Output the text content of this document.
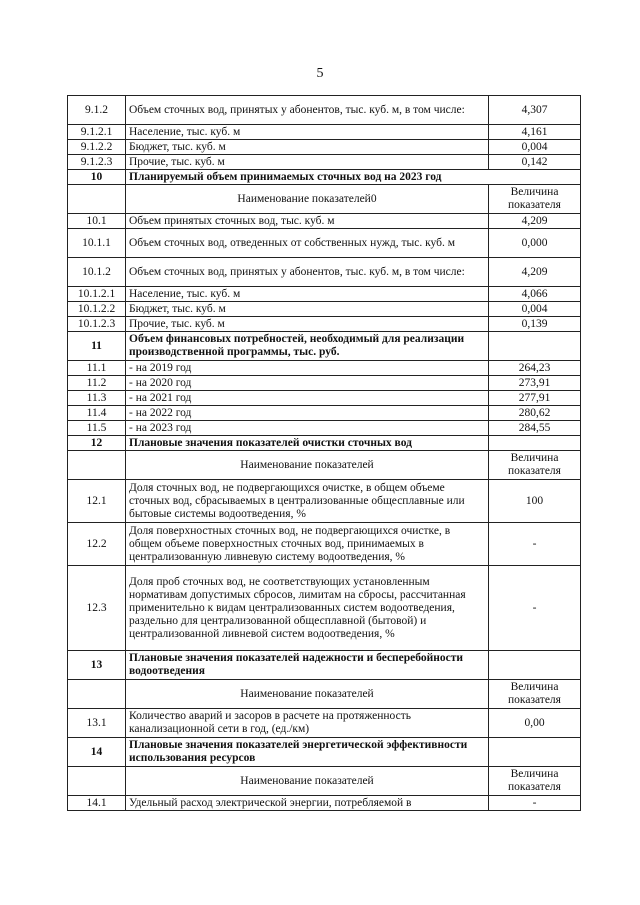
5
9.1.2	Объем сточных вод, принятых у абонентов, тыс. куб. м, в том числе:	4,307
9.1.2.1	Население, тыс. куб. м	4,161
9.1.2.2	Бюджет, тыс. куб. м	0,004
9.1.2.3	Прочие, тыс. куб. м	0,142
10	Планируемый объем принимаемых сточных вод на 2023 год	
	Наименование показателей0	Величина показателя
10.1	Объем принятых сточных вод, тыс. куб. м	4,209
10.1.1	Объем сточных вод, отведенных от собственных нужд, тыс. куб. м	0,000
10.1.2	Объем сточных вод, принятых у абонентов, тыс. куб. м, в том числе:	4,209
10.1.2.1	Население, тыс. куб. м	4,066
10.1.2.2	Бюджет, тыс. куб. м	0,004
10.1.2.3	Прочие, тыс. куб. м	0,139
11	Объем финансовых потребностей, необходимый для реализации производственной программы, тыс. руб.	
11.1	- на 2019 год	264,23
11.2	- на 2020 год	273,91
11.3	- на 2021 год	277,91
11.4	- на 2022 год	280,62
11.5	- на 2023 год	284,55
12	Плановые значения показателей очистки сточных вод	
	Наименование показателей	Величина показателя
12.1	Доля сточных вод, не подвергающихся очистке, в общем объеме сточных вод, сбрасываемых в централизованные общесплавные или бытовые системы водоотведения, %	100
12.2	Доля поверхностных сточных вод, не подвергающихся очистке, в общем объеме поверхностных сточных вод, принимаемых в централизованную ливневую систему водоотведения, %	-
12.3	Доля проб сточных вод, не соответствующих установленным нормативам допустимых сбросов, лимитам на сбросы, рассчитанная применительно к видам централизованных систем водоотведения, раздельно для централизованной общесплавной (бытовой) и централизованной ливневой систем водоотведения, %	-
13	Плановые значения показателей надежности и бесперебойности водоотведения	
	Наименование показателей	Величина показателя
13.1	Количество аварий и засоров в расчете на протяженность канализационной сети в год, (ед./км)	0,00
14	Плановые значения показателей энергетической эффективности использования ресурсов	
	Наименование показателей	Величина показателя
14.1	Удельный расход электрической энергии, потребляемой в	-
